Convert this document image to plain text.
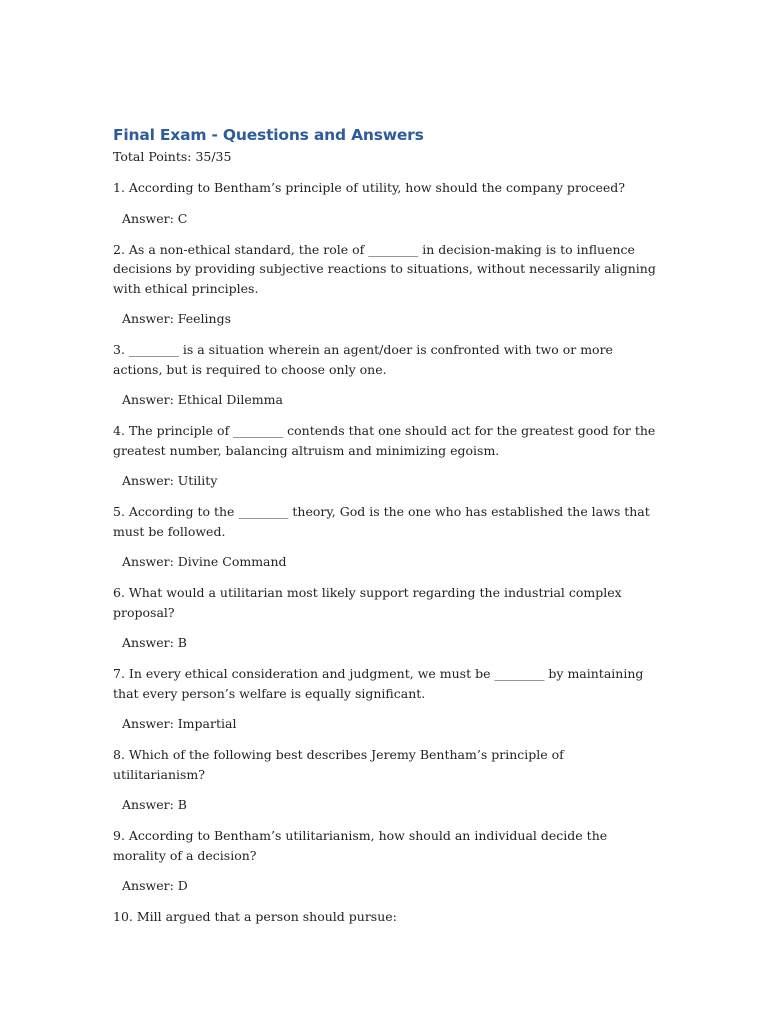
Final Exam - Questions and Answers

Total Points: 35/35

1. According to Bentham’s principle of utility, how should the company proceed?

Answer: C

2. As a non-ethical standard, the role of ________ in decision-making is to influence decisions by providing subjective reactions to situations, without necessarily aligning with ethical principles.

Answer: Feelings

3. ________ is a situation wherein an agent/doer is confronted with two or more actions, but is required to choose only one.

Answer: Ethical Dilemma

4. The principle of ________ contends that one should act for the greatest good for the greatest number, balancing altruism and minimizing egoism.

Answer: Utility

5. According to the ________ theory, God is the one who has established the laws that must be followed.

Answer: Divine Command

6. What would a utilitarian most likely support regarding the industrial complex proposal?

Answer: B

7. In every ethical consideration and judgment, we must be ________ by maintaining that every person’s welfare is equally significant.

Answer: Impartial

8. Which of the following best describes Jeremy Bentham’s principle of utilitarianism?

Answer: B

9. According to Bentham’s utilitarianism, how should an individual decide the morality of a decision?

Answer: D

10. Mill argued that a person should pursue:
